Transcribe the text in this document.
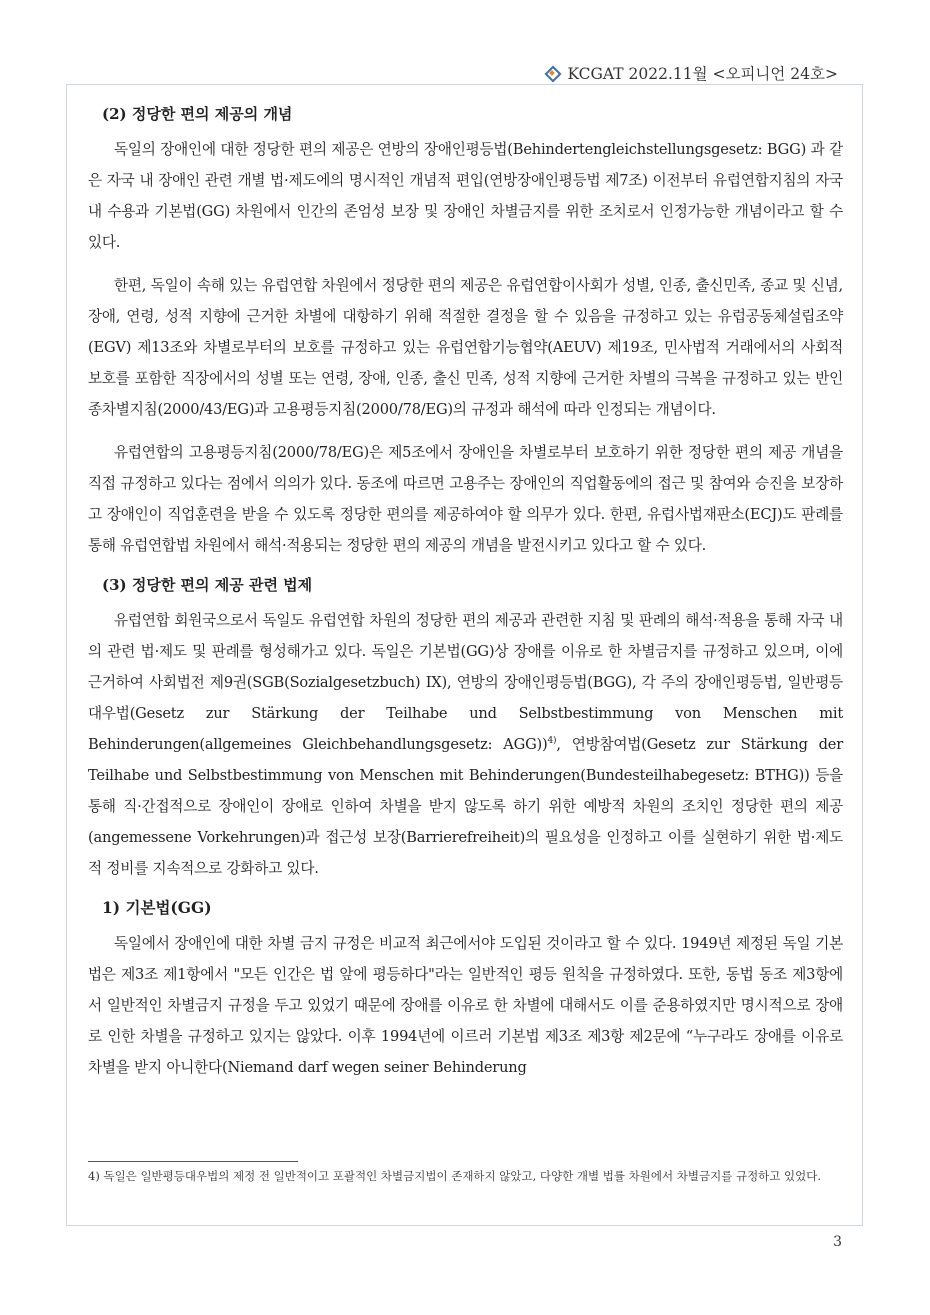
KCGAT 2022.11월 <오피니언 24호>
(2) 정당한 편의 제공의 개념

독일의 장애인에 대한 정당한 편의 제공은 연방의 장애인평등법(Behindertengleichstellungsgesetz: BGG) 과 같은 자국 내 장애인 관련 개별 법·제도에의 명시적인 개념적 편입(연방장애인평등법 제7조) 이전부터 유럽연합지침의 자국 내 수용과 기본법(GG) 차원에서 인간의 존엄성 보장 및 장애인 차별금지를 위한 조치로서 인정가능한 개념이라고 할 수 있다.

한편, 독일이 속해 있는 유럽연합 차원에서 정당한 편의 제공은 유럽연합이사회가 성별, 인종, 출신민족, 종교 및 신념, 장애, 연령, 성적 지향에 근거한 차별에 대항하기 위해 적절한 결정을 할 수 있음을 규정하고 있는 유럽공동체설립조약(EGV) 제13조와 차별로부터의 보호를 규정하고 있는 유럽연합기능협약(AEUV) 제19조, 민사법적 거래에서의 사회적 보호를 포함한 직장에서의 성별 또는 연령, 장애, 인종, 출신 민족, 성적 지향에 근거한 차별의 극복을 규정하고 있는 반인종차별지침(2000/43/EG)과 고용평등지침(2000/78/EG)의 규정과 해석에 따라 인정되는 개념이다.

유럽연합의 고용평등지침(2000/78/EG)은 제5조에서 장애인을 차별로부터 보호하기 위한 정당한 편의 제공 개념을 직접 규정하고 있다는 점에서 의의가 있다. 동조에 따르면 고용주는 장애인의 직업활동에의 접근 및 참여와 승진을 보장하고 장애인이 직업훈련을 받을 수 있도록 정당한 편의를 제공하여야 할 의무가 있다. 한편, 유럽사법재판소(ECJ)도 판례를 통해 유럽연합법 차원에서 해석·적용되는 정당한 편의 제공의 개념을 발전시키고 있다고 할 수 있다.

(3) 정당한 편의 제공 관련 법제

유럽연합 회원국으로서 독일도 유럽연합 차원의 정당한 편의 제공과 관련한 지침 및 판례의 해석·적용을 통해 자국 내의 관련 법·제도 및 판례를 형성해가고 있다. 독일은 기본법(GG)상 장애를 이유로 한 차별금지를 규정하고 있으며, 이에 근거하여 사회법전 제9권(SGB(Sozialgesetzbuch) IX), 연방의 장애인평등법(BGG), 각 주의 장애인평등법, 일반평등대우법(Gesetz zur Stärkung der Teilhabe und Selbstbestimmung von Menschen mit Behinderungen(allgemeines Gleichbehandlungsgesetz: AGG))$^{4)}$, 연방참여법(Gesetz zur Stärkung der Teilhabe und Selbstbestimmung von Menschen mit Behinderungen(Bundesteilhabegesetz: BTHG)) 등을 통해 직·간접적으로 장애인이 장애로 인하여 차별을 받지 않도록 하기 위한 예방적 차원의 조치인 정당한 편의 제공(angemessene Vorkehrungen)과 접근성 보장(Barrierefreiheit)의 필요성을 인정하고 이를 실현하기 위한 법·제도적 정비를 지속적으로 강화하고 있다.

1) 기본법(GG)

독일에서 장애인에 대한 차별 금지 규정은 비교적 최근에서야 도입된 것이라고 할 수 있다. 1949년 제정된 독일 기본법은 제3조 제1항에서 "모든 인간은 법 앞에 평등하다"라는 일반적인 평등 원칙을 규정하였다. 또한, 동법 동조 제3항에서 일반적인 차별금지 규정을 두고 있었기 때문에 장애를 이유로 한 차별에 대해서도 이를 준용하였지만 명시적으로 장애로 인한 차별을 규정하고 있지는 않았다. 이후 1994년에 이르러 기본법 제3조 제3항 제2문에 “누구라도 장애를 이유로 차별을 받지 아니한다(Niemand darf wegen seiner Behinderung

4) 독일은 일반평등대우법의 제정 전 일반적이고 포괄적인 차별금지법이 존재하지 않았고, 다양한 개별 법률 차원에서 차별금지를 규정하고 있었다.
3
